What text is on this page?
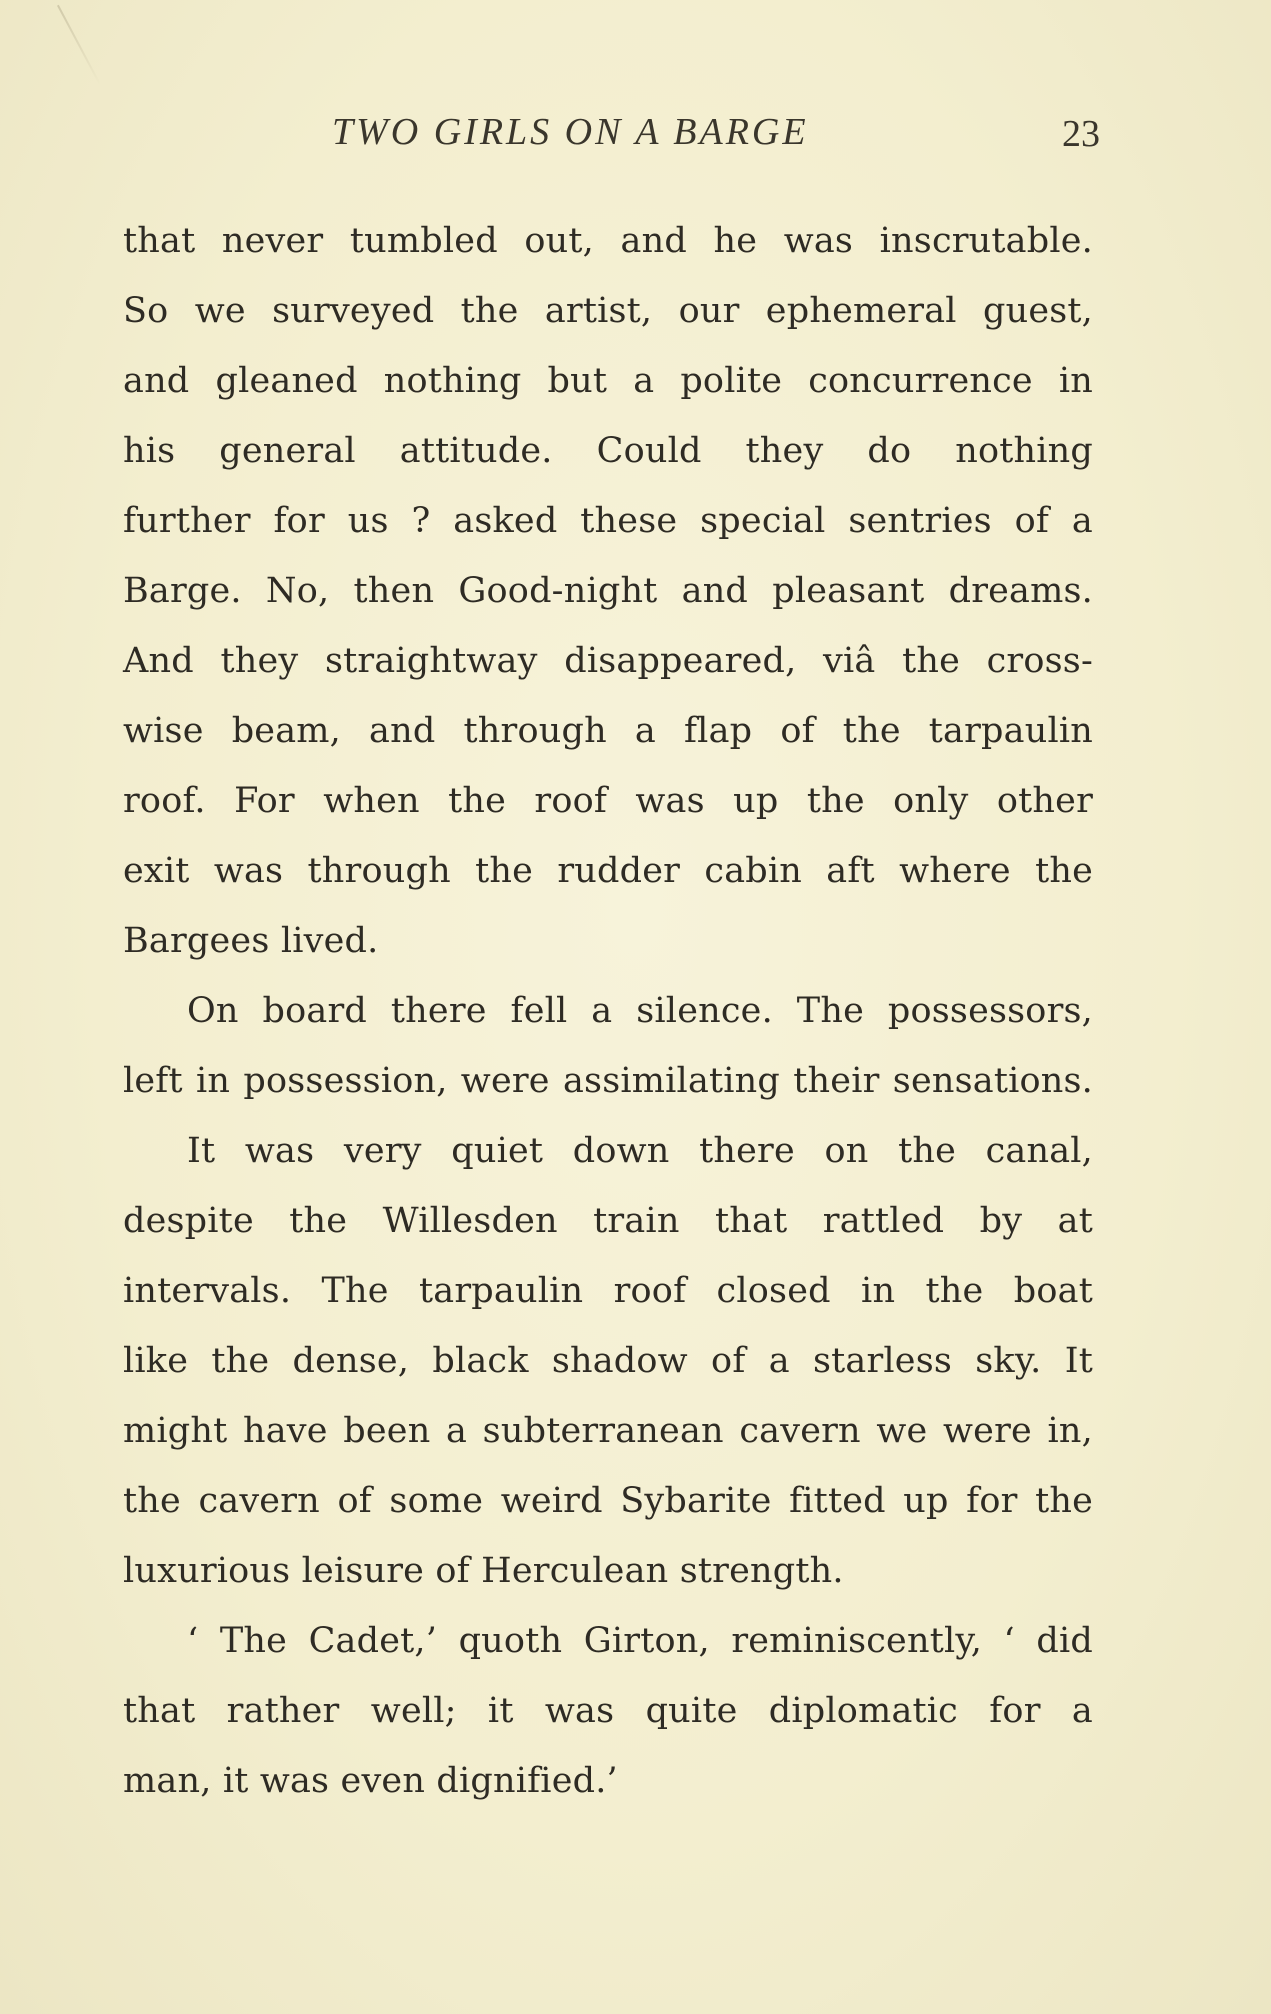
TWO GIRLS ON A BARGE	23
that never tumbled out, and he was inscrutable.
So we surveyed the artist, our ephemeral guest,
and gleaned nothing but a polite concurrence in
his general attitude. Could they do nothing
further for us ? asked these special sentries of a
Barge. No, then Good-night and pleasant dreams.
And they straightway disappeared, viâ the cross-
wise beam, and through a flap of the tarpaulin
roof. For when the roof was up the only other
exit was through the rudder cabin aft where the
Bargees lived.
On board there fell a silence. The possessors,
left in possession, were assimilating their sensations.
It was very quiet down there on the canal,
despite the Willesden train that rattled by at
intervals. The tarpaulin roof closed in the boat
like the dense, black shadow of a starless sky. It
might have been a subterranean cavern we were in,
the cavern of some weird Sybarite fitted up for the
luxurious leisure of Herculean strength.
‘ The Cadet,’ quoth Girton, reminiscently, ‘ did
that rather well; it was quite diplomatic for a
man, it was even dignified.’
